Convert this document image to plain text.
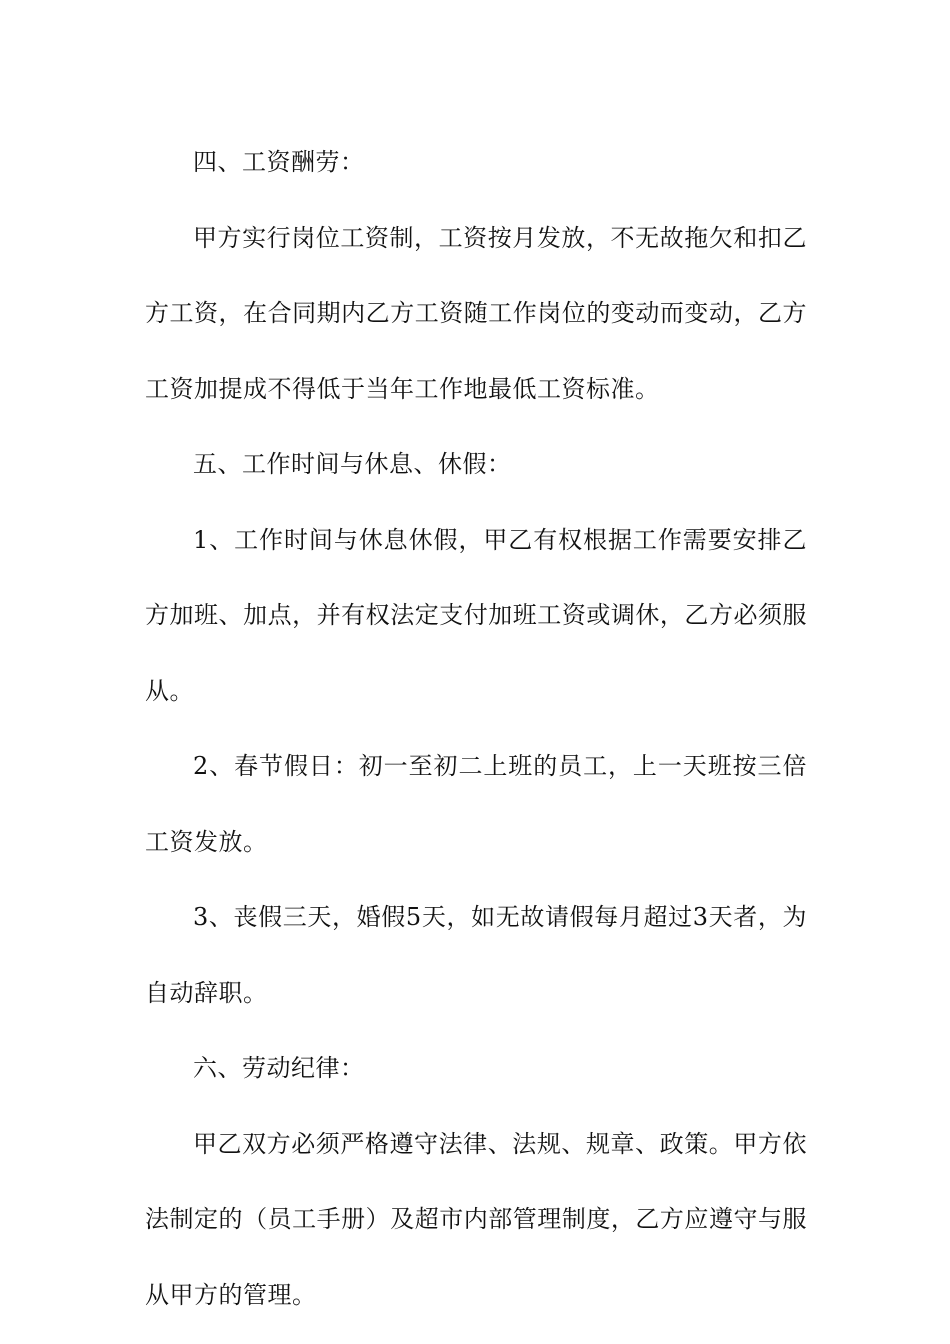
四、工资酬劳：

甲方实行岗位工资制，工资按月发放，不无故拖欠和扣乙方工资，在合同期内乙方工资随工作岗位的变动而变动，乙方工资加提成不得低于当年工作地最低工资标准。

五、工作时间与休息、休假：

1、工作时间与休息休假，甲乙有权根据工作需要安排乙方加班、加点，并有权法定支付加班工资或调休，乙方必须服从。

2、春节假日：初一至初二上班的员工，上一天班按三倍工资发放。

3、丧假三天，婚假5天，如无故请假每月超过3天者，为自动辞职。

六、劳动纪律：

甲乙双方必须严格遵守法律、法规、规章、政策。甲方依法制定的（员工手册）及超市内部管理制度，乙方应遵守与服从甲方的管理。
